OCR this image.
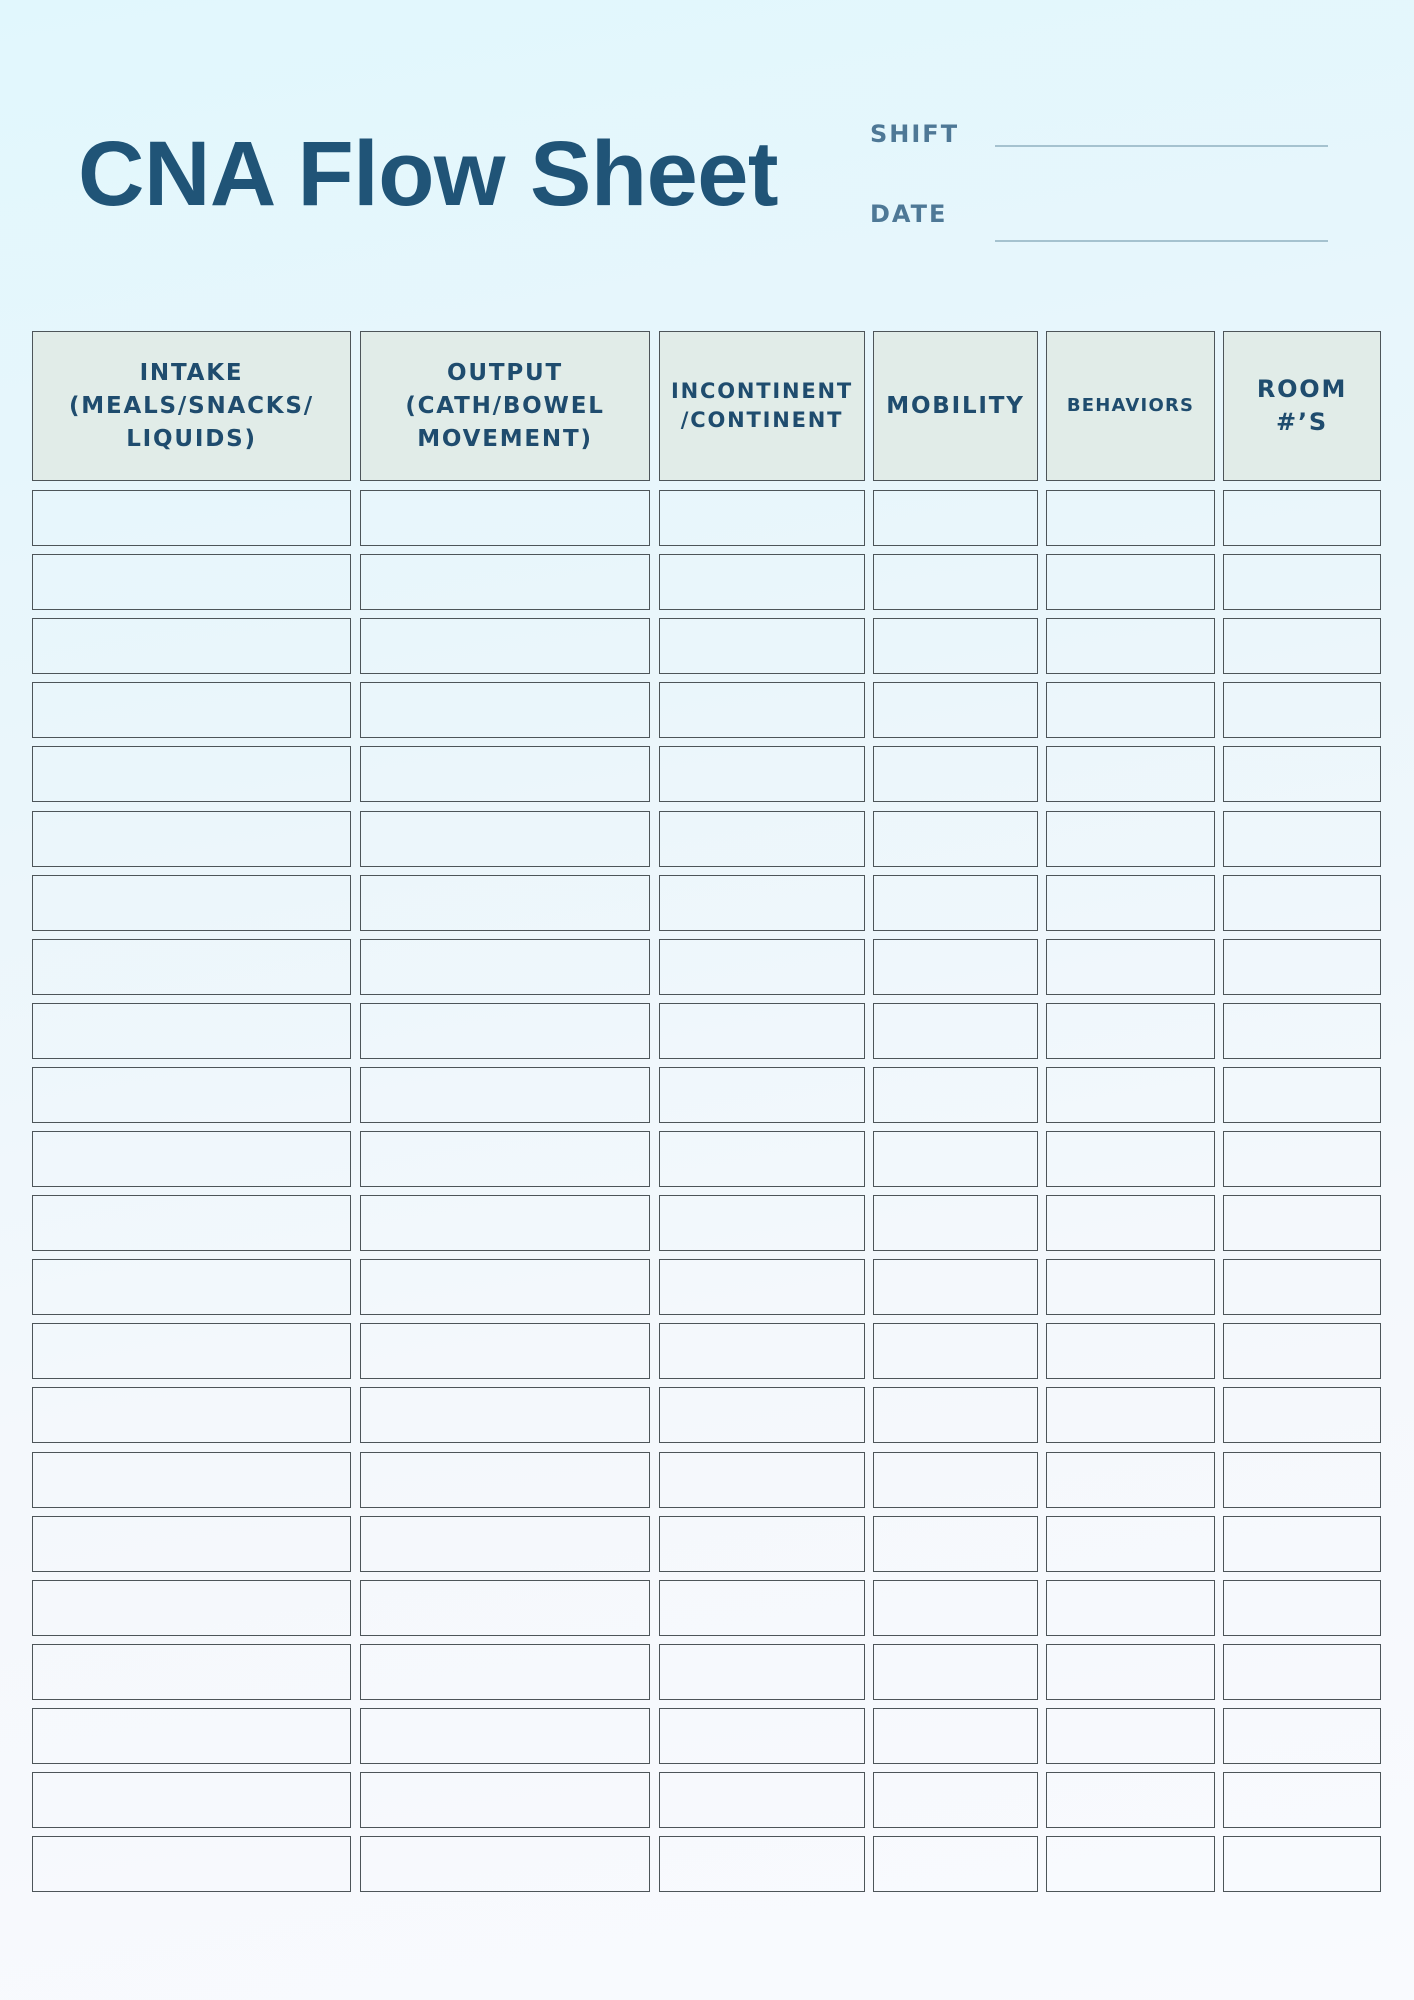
CNA Flow Sheet	SHIFT
DATE
INTAKE
(MEALS/SNACKS/
LIQUIDS)
OUTPUT
(CATH/BOWEL
MOVEMENT)
INCONTINENT
/CONTINENT
MOBILITY BEHAVIORS
ROOM
#’S
